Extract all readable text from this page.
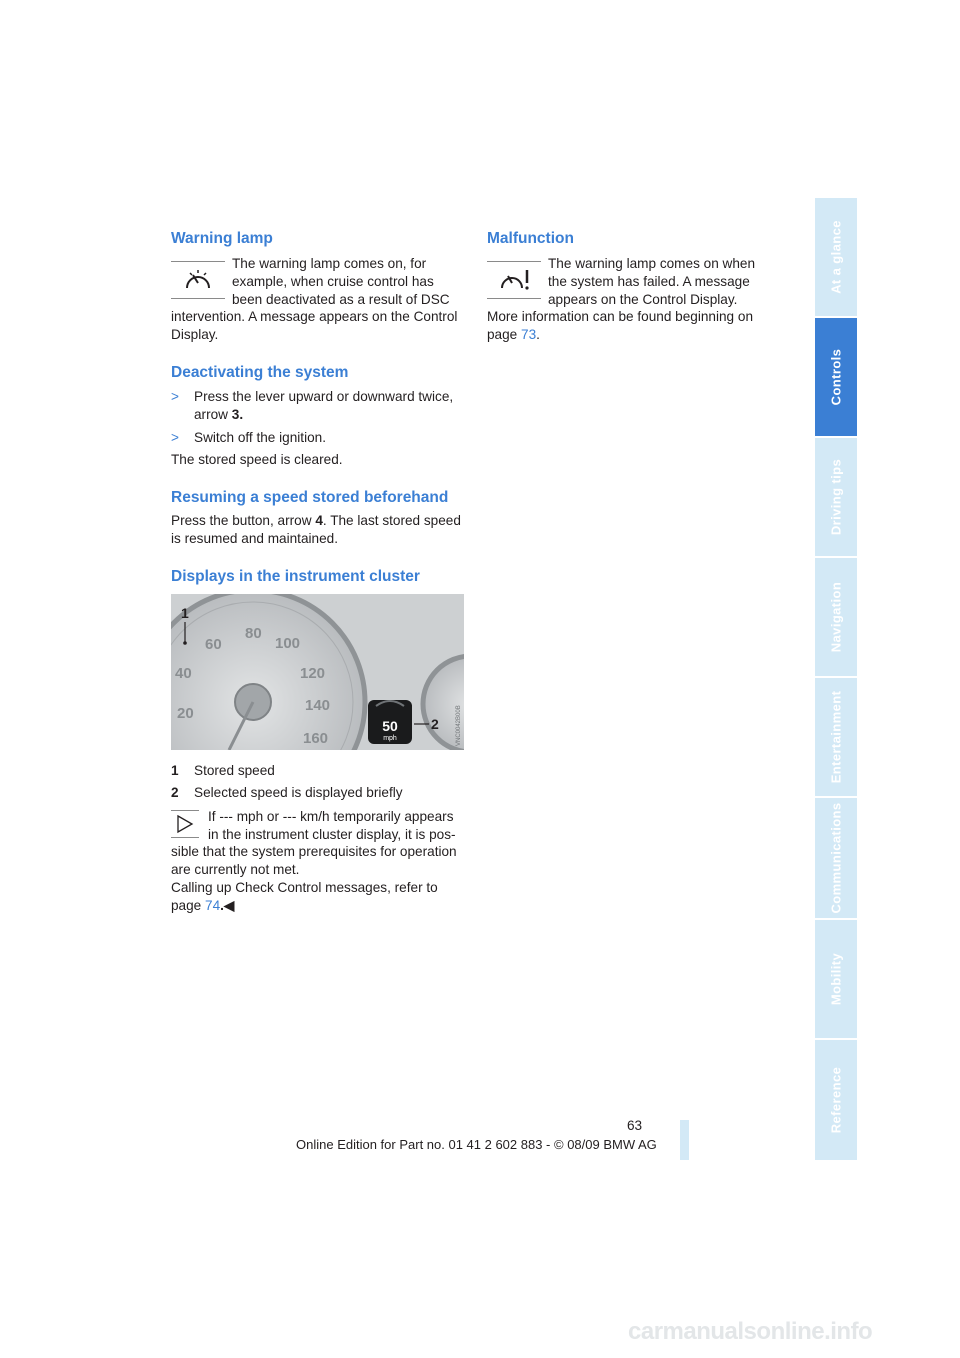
Warning lamp

The warning lamp comes on, for

example, when cruise control has

been deactivated as a result of DSC

intervention. A message appears on the Control Display.

Deactivating the system
> Press the lever upward or downward twice, arrow 3.
> Switch off the ignition.

The stored speed is cleared.

Resuming a speed stored beforehand

Press the button, arrow 4. The last stored speed is resumed and maintained.

Displays in the instrument cluster
20
40
60
80
100
120
140
160
50
mph
2
1
VNC0042B00B
1 Stored speed
2 Selected speed is displayed briefly

If --- mph or --- km/h temporarily appears

in the instrument cluster display, it is pos-

sible that the system prerequisites for operation are currently not met.

Calling up Check Control messages, refer to page 74.◀

Malfunction

The warning lamp comes on when

the system has failed. A message

appears on the Control Display.

More information can be found beginning on page 73.

63
Online Edition for Part no. 01 41 2 602 883 - © 08/09 BMW AG
At a glance
Controls
Driving tips
Navigation
Entertainment
Communications
Mobility
Reference
carmanualsonline.info
